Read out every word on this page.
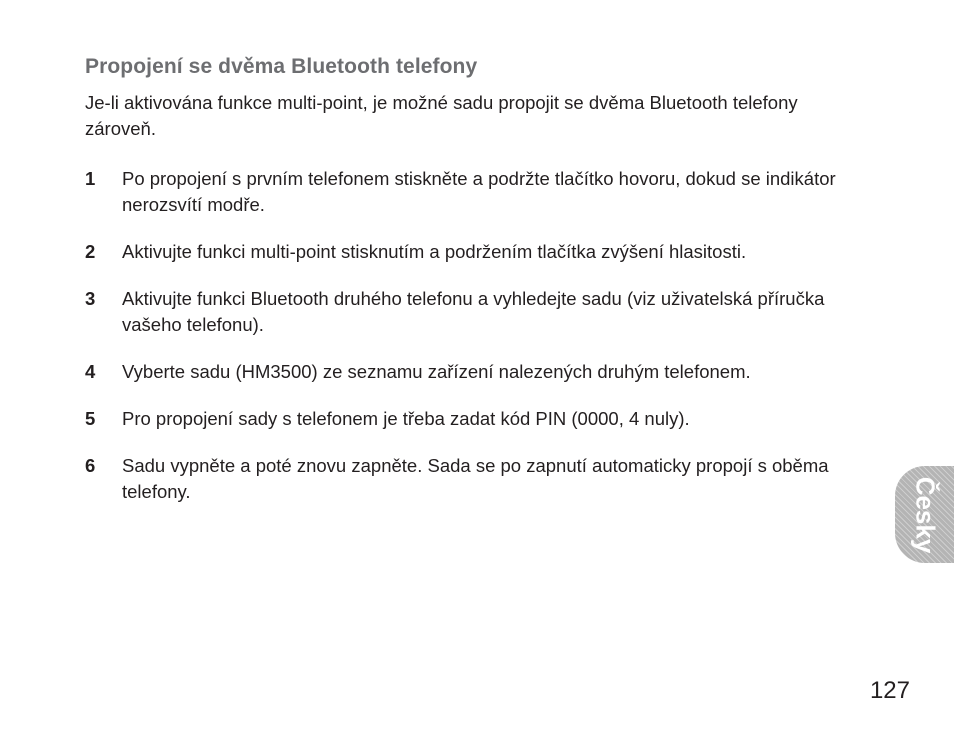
Propojení se dvěma Bluetooth telefony

Je-li aktivována funkce multi-point, je možné sadu propojit se dvěma Bluetooth telefony zároveň.

1	Po propojení s prvním telefonem stiskněte a podržte tlačítko hovoru, dokud se indikátor nerozsvítí modře.
2	Aktivujte funkci multi-point stisknutím a podržením tlačítka zvýšení hlasitosti.
3	Aktivujte funkci Bluetooth druhého telefonu a vyhledejte sadu (viz uživatelská příručka vašeho telefonu).
4	Vyberte sadu (HM3500) ze seznamu zařízení nalezených druhým telefonem.
5	Pro propojení sady s telefonem je třeba zadat kód PIN (0000, 4 nuly).
6	Sadu vypněte a poté znovu zapněte. Sada se po zapnutí automaticky propojí s oběma telefony.	Česky
127
